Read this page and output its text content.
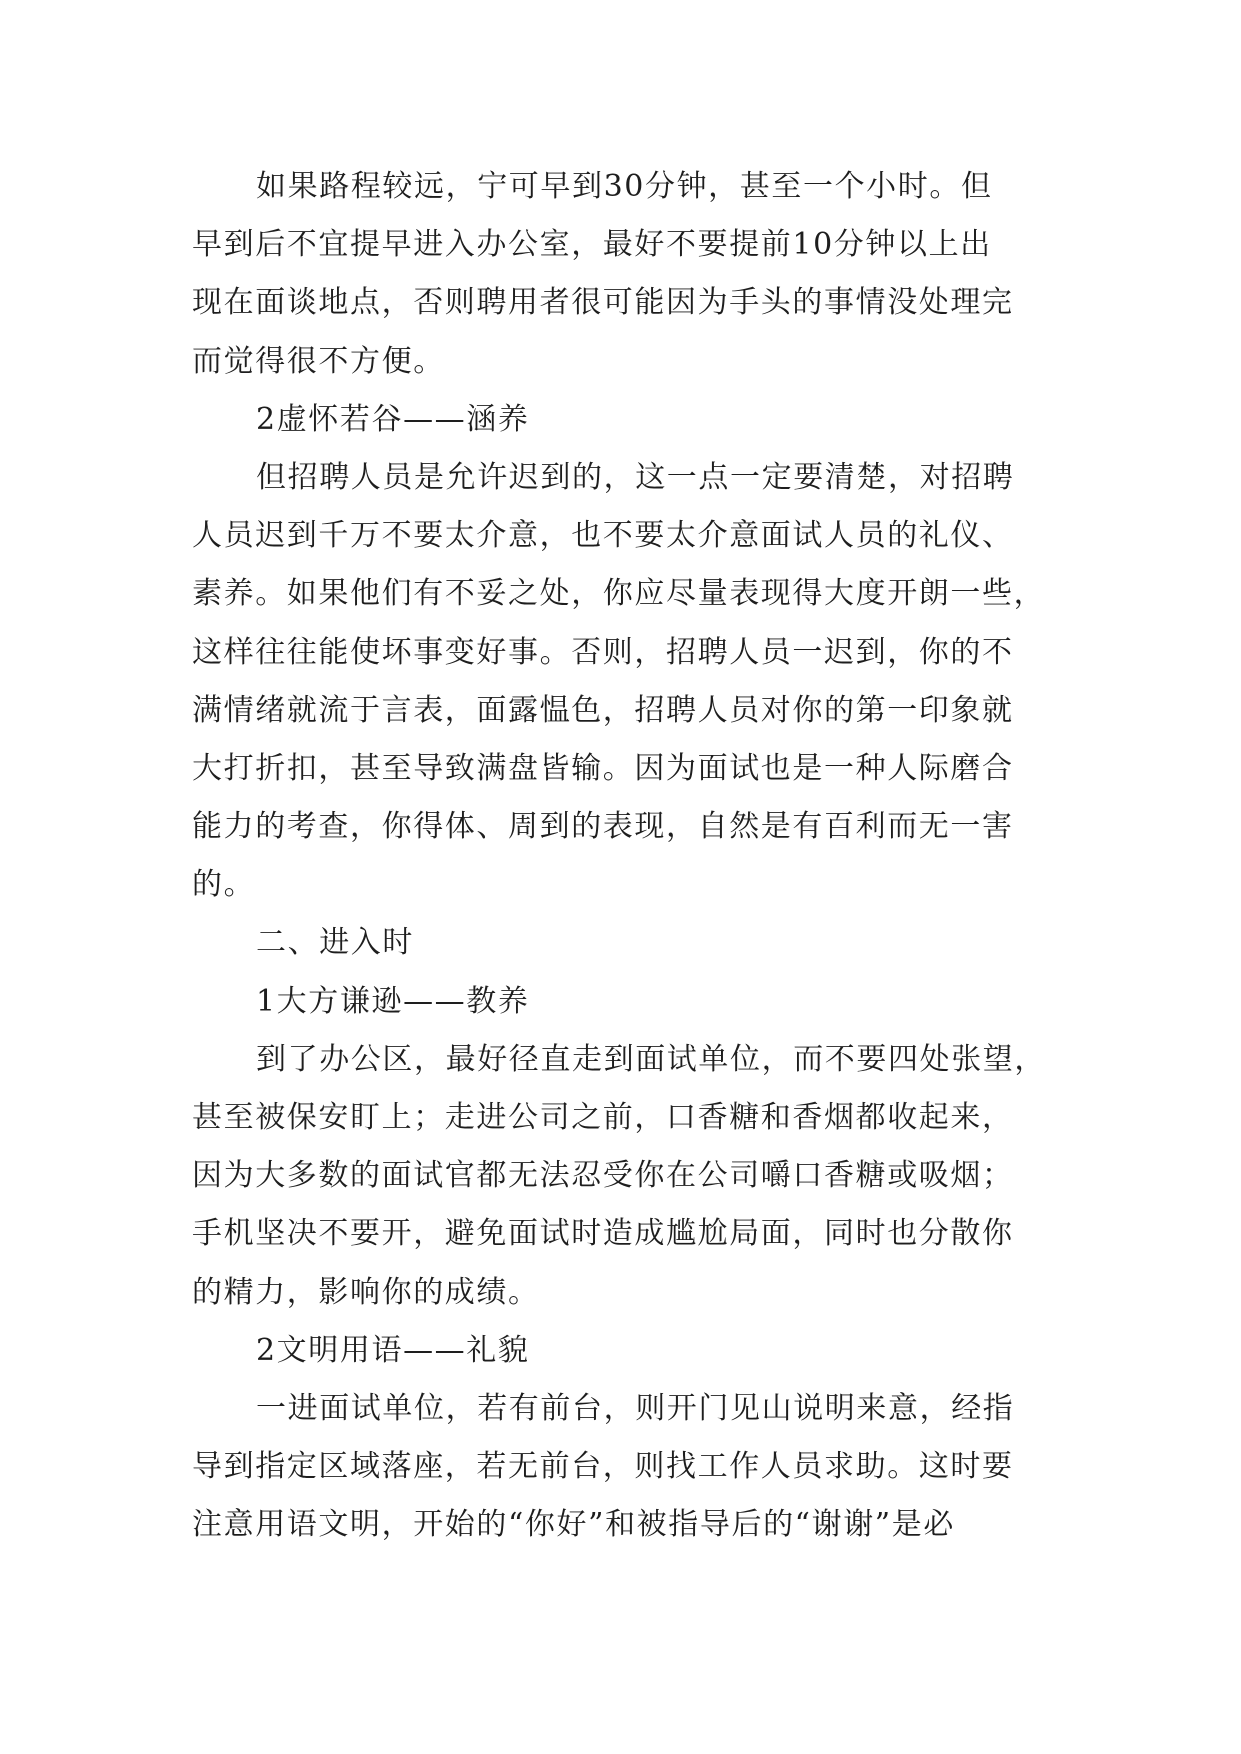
如果路程较远，宁可早到30分钟，甚至一个小时。但
早到后不宜提早进入办公室，最好不要提前10分钟以上出
现在面谈地点，否则聘用者很可能因为手头的事情没处理完
而觉得很不方便。
2虚怀若谷——涵养
但招聘人员是允许迟到的，这一点一定要清楚，对招聘
人员迟到千万不要太介意，也不要太介意面试人员的礼仪、
素养。如果他们有不妥之处，你应尽量表现得大度开朗一些，
这样往往能使坏事变好事。否则，招聘人员一迟到，你的不
满情绪就流于言表，面露愠色，招聘人员对你的第一印象就
大打折扣，甚至导致满盘皆输。因为面试也是一种人际磨合
能力的考查，你得体、周到的表现，自然是有百利而无一害
的。
二、进入时
1大方谦逊——教养
到了办公区，最好径直走到面试单位，而不要四处张望，
甚至被保安盯上；走进公司之前，口香糖和香烟都收起来，
因为大多数的面试官都无法忍受你在公司嚼口香糖或吸烟；
手机坚决不要开，避免面试时造成尴尬局面，同时也分散你
的精力，影响你的成绩。
2文明用语——礼貌
一进面试单位，若有前台，则开门见山说明来意，经指
导到指定区域落座，若无前台，则找工作人员求助。这时要
注意用语文明，开始的“你好”和被指导后的“谢谢”是必
